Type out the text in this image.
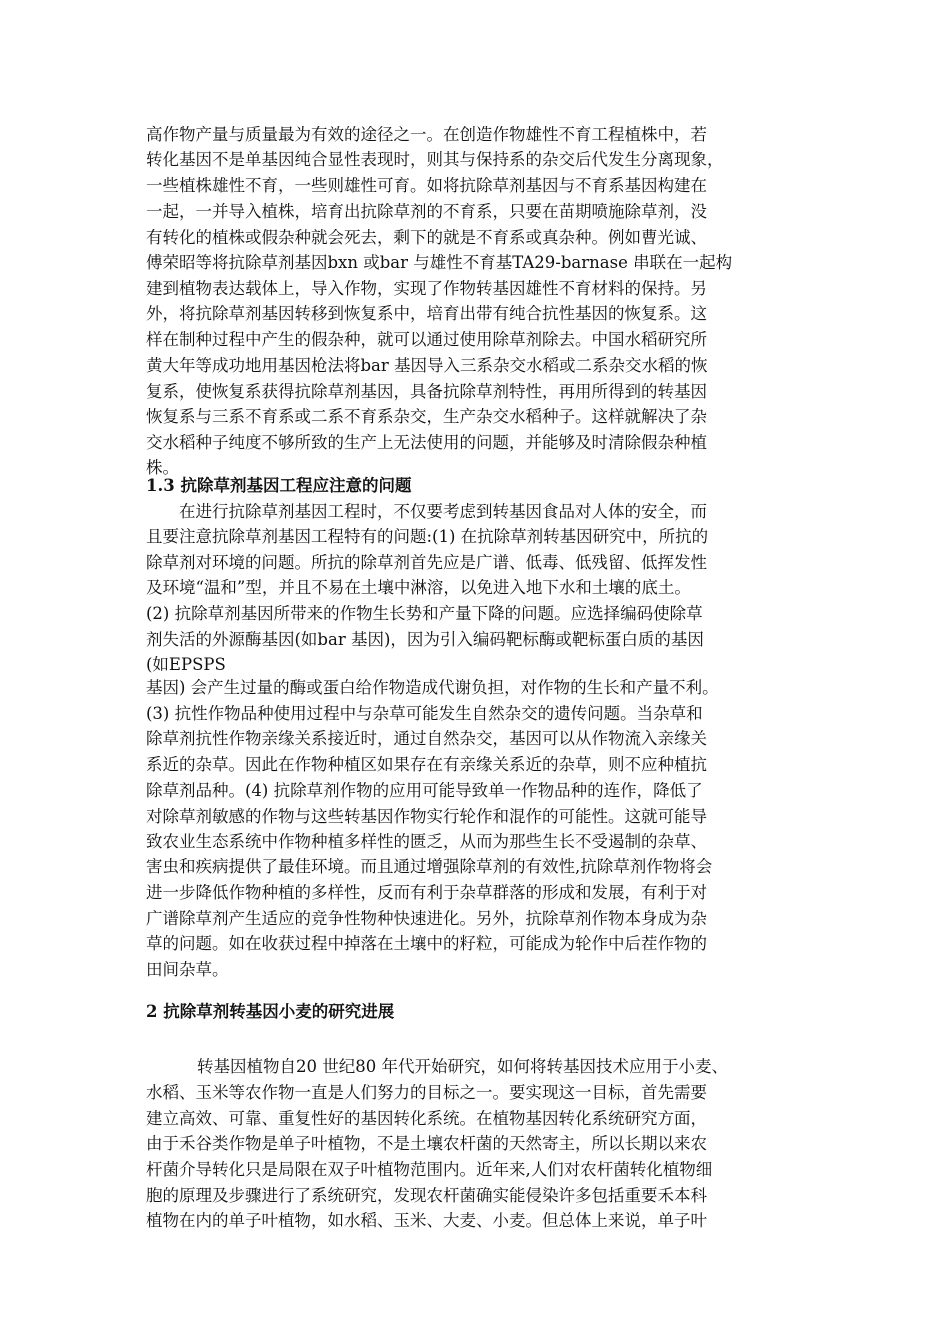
高作物产量与质量最为有效的途径之一。在创造作物雄性不育工程植株中，若
转化基因不是单基因纯合显性表现时，则其与保持系的杂交后代发生分离现象，
一些植株雄性不育，一些则雄性可育。如将抗除草剂基因与不育系基因构建在
一起，一并导入植株，培育出抗除草剂的不育系，只要在苗期喷施除草剂，没
有转化的植株或假杂种就会死去，剩下的就是不育系或真杂种。例如曹光诚、
傅荣昭等将抗除草剂基因bxn 或bar 与雄性不育基TA29-barnase 串联在一起构
建到植物表达载体上，导入作物，实现了作物转基因雄性不育材料的保持。另
外，将抗除草剂基因转移到恢复系中，培育出带有纯合抗性基因的恢复系。这
样在制种过程中产生的假杂种，就可以通过使用除草剂除去。中国水稻研究所
黄大年等成功地用基因枪法将bar 基因导入三系杂交水稻或二系杂交水稻的恢
复系，使恢复系获得抗除草剂基因，具备抗除草剂特性，再用所得到的转基因
恢复系与三系不育系或二系不育系杂交，生产杂交水稻种子。这样就解决了杂
交水稻种子纯度不够所致的生产上无法使用的问题，并能够及时清除假杂种植
株。
1.3 抗除草剂基因工程应注意的问题
在进行抗除草剂基因工程时，不仅要考虑到转基因食品对人体的安全，而
且要注意抗除草剂基因工程特有的问题:(1) 在抗除草剂转基因研究中，所抗的
除草剂对环境的问题。所抗的除草剂首先应是广谱、低毒、低残留、低挥发性
及环境“温和”型，并且不易在土壤中淋溶，以免进入地下水和土壤的底土。
(2) 抗除草剂基因所带来的作物生长势和产量下降的问题。应选择编码使除草
剂失活的外源酶基因(如bar 基因)，因为引入编码靶标酶或靶标蛋白质的基因
(如EPSPS
基因) 会产生过量的酶或蛋白给作物造成代谢负担，对作物的生长和产量不利。
(3) 抗性作物品种使用过程中与杂草可能发生自然杂交的遗传问题。当杂草和
除草剂抗性作物亲缘关系接近时，通过自然杂交，基因可以从作物流入亲缘关
系近的杂草。因此在作物种植区如果存在有亲缘关系近的杂草，则不应种植抗
除草剂品种。(4) 抗除草剂作物的应用可能导致单一作物品种的连作，降低了
对除草剂敏感的作物与这些转基因作物实行轮作和混作的可能性。这就可能导
致农业生态系统中作物种植多样性的匮乏，从而为那些生长不受遏制的杂草、
害虫和疾病提供了最佳环境。而且通过增强除草剂的有效性,抗除草剂作物将会
进一步降低作物种植的多样性，反而有利于杂草群落的形成和发展，有利于对
广谱除草剂产生适应的竞争性物种快速进化。另外，抗除草剂作物本身成为杂
草的问题。如在收获过程中掉落在土壤中的籽粒，可能成为轮作中后茬作物的
田间杂草。
2 抗除草剂转基因小麦的研究进展
转基因植物自20 世纪80 年代开始研究，如何将转基因技术应用于小麦、
水稻、玉米等农作物一直是人们努力的目标之一。要实现这一目标，首先需要
建立高效、可靠、重复性好的基因转化系统。在植物基因转化系统研究方面，
由于禾谷类作物是单子叶植物，不是土壤农杆菌的天然寄主，所以长期以来农
杆菌介导转化只是局限在双子叶植物范围内。近年来,人们对农杆菌转化植物细
胞的原理及步骤进行了系统研究，发现农杆菌确实能侵染许多包括重要禾本科
植物在内的单子叶植物，如水稻、玉米、大麦、小麦。但总体上来说，单子叶
